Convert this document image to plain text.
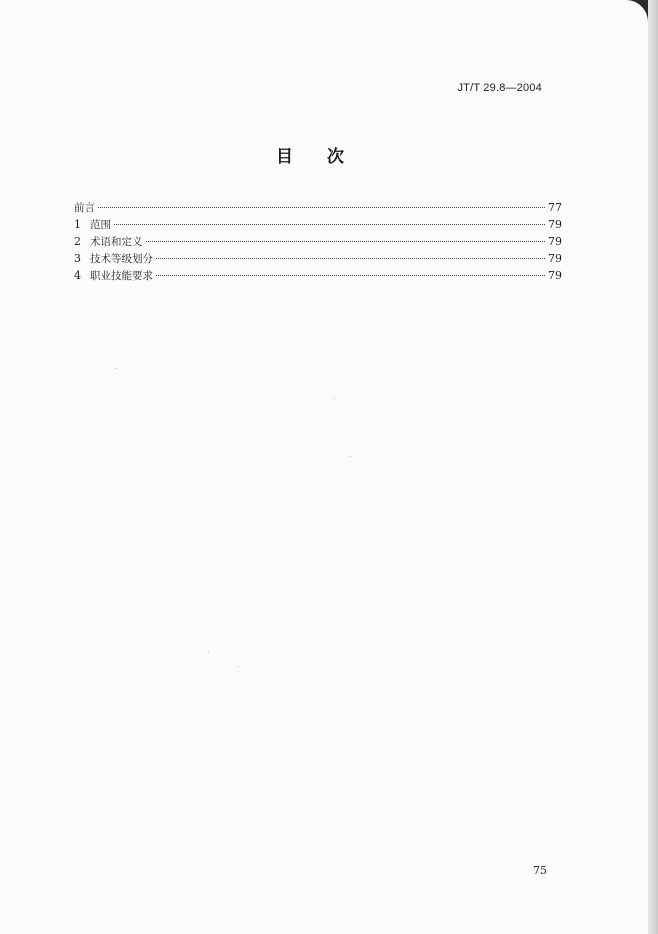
JT/T 29.8—2004
目 次
前言	77
1 范围	79
2 术语和定义	79
3 技术等级划分	79
4 职业技能要求	79
75
